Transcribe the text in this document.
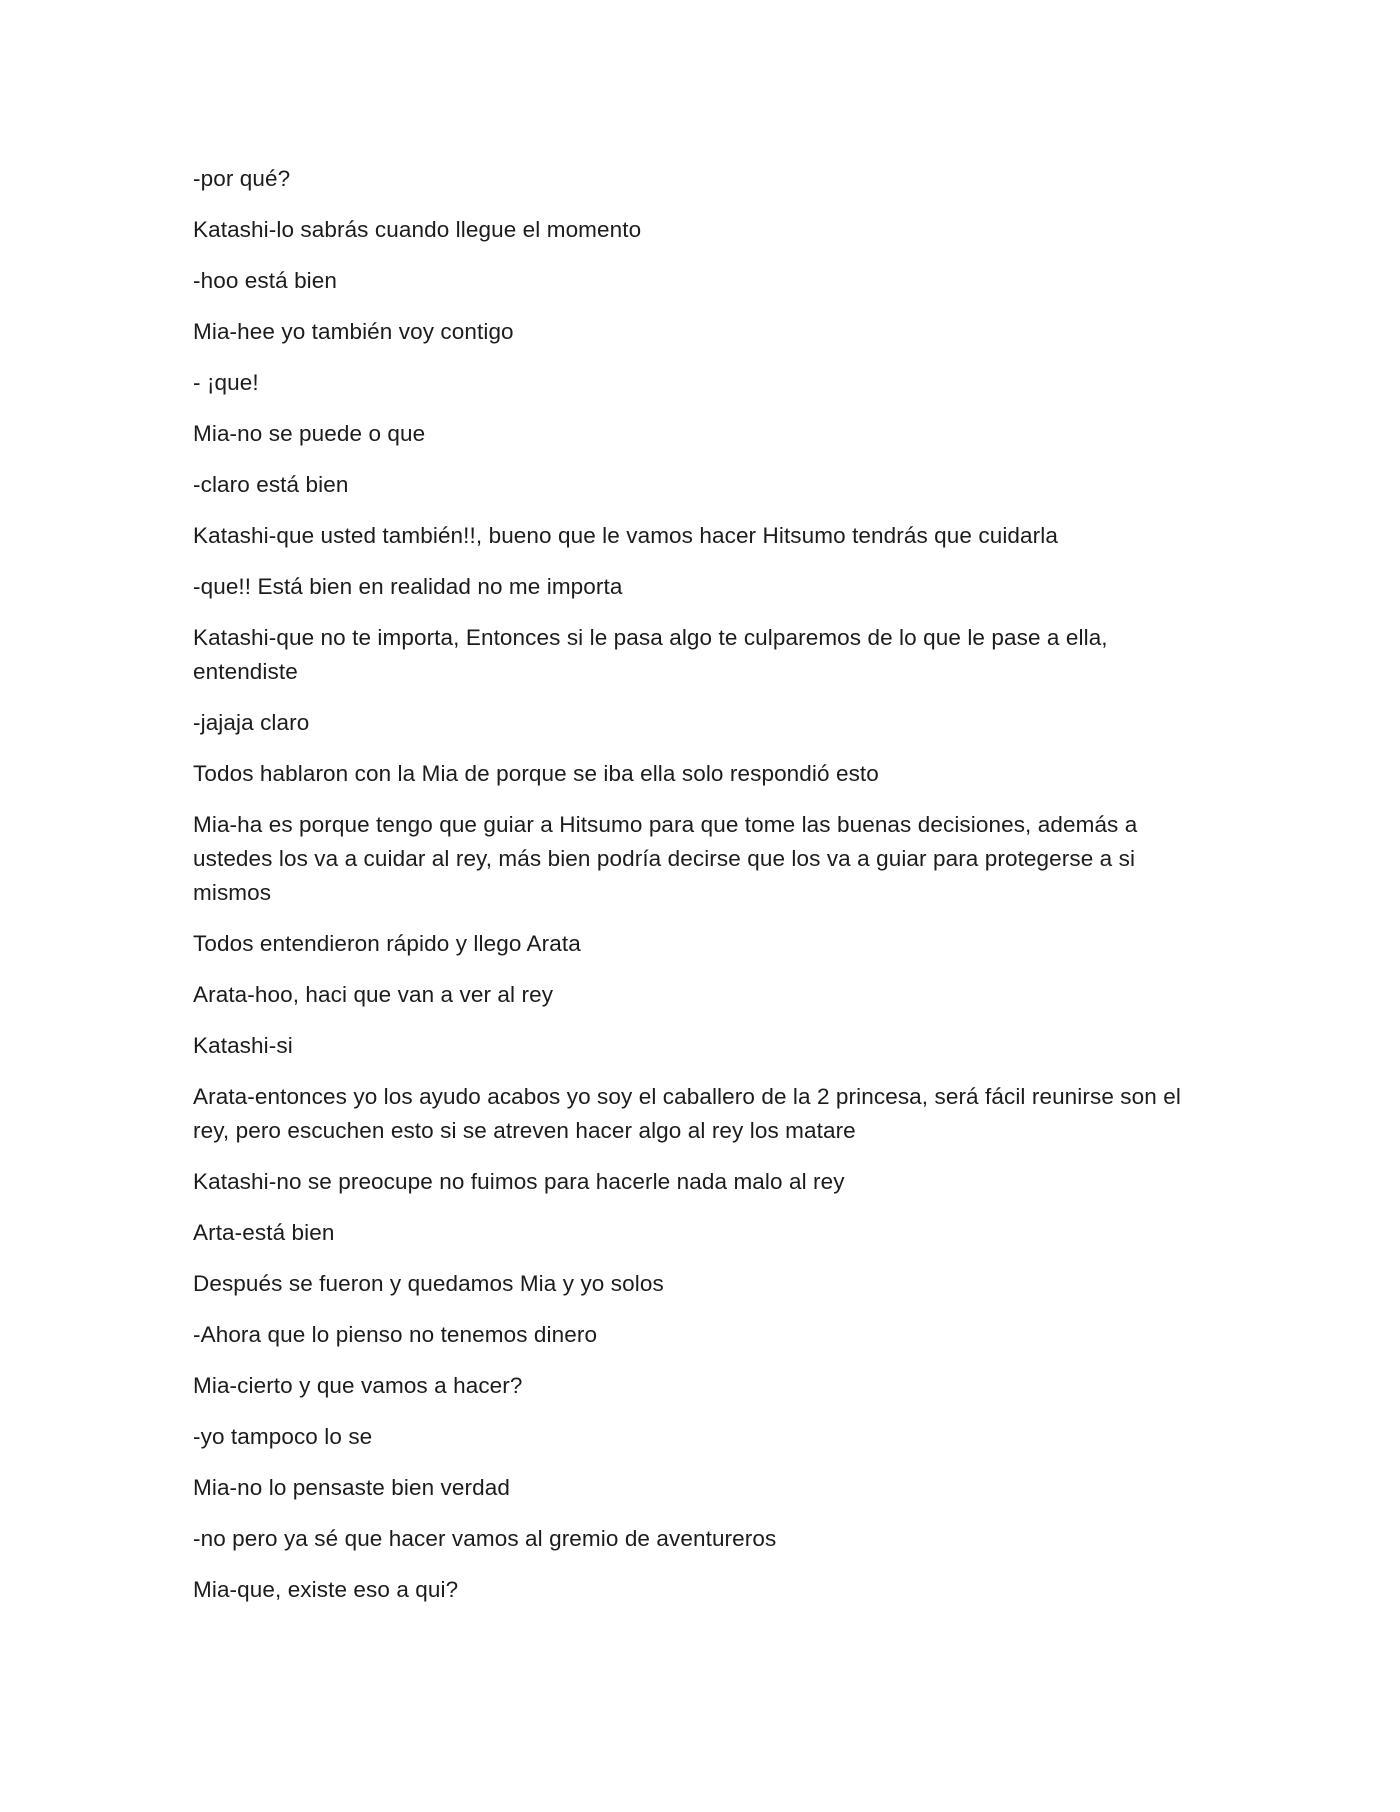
-por qué?

Katashi-lo sabrás cuando llegue el momento

-hoo está bien

Mia-hee yo también voy contigo

- ¡que!

Mia-no se puede o que

-claro está bien

Katashi-que usted también!!, bueno que le vamos hacer Hitsumo tendrás que cuidarla

-que!! Está bien en realidad no me importa

Katashi-que no te importa, Entonces si le pasa algo te culparemos de lo que le pase a ella, entendiste

-jajaja claro

Todos hablaron con la Mia de porque se iba ella solo respondió esto

Mia-ha es porque tengo que guiar a Hitsumo para que tome las buenas decisiones, además a ustedes los va a cuidar al rey, más bien podría decirse que los va a guiar para protegerse a si mismos

Todos entendieron rápido y llego Arata

Arata-hoo, haci que van a ver al rey

Katashi-si

Arata-entonces yo los ayudo acabos yo soy el caballero de la 2 princesa, será fácil reunirse son el rey, pero escuchen esto si se atreven hacer algo al rey los matare

Katashi-no se preocupe no fuimos para hacerle nada malo al rey

Arta-está bien

Después se fueron y quedamos Mia y yo solos

-Ahora que lo pienso no tenemos dinero

Mia-cierto y que vamos a hacer?

-yo tampoco lo se

Mia-no lo pensaste bien verdad

-no pero ya sé que hacer vamos al gremio de aventureros

Mia-que, existe eso a qui?
